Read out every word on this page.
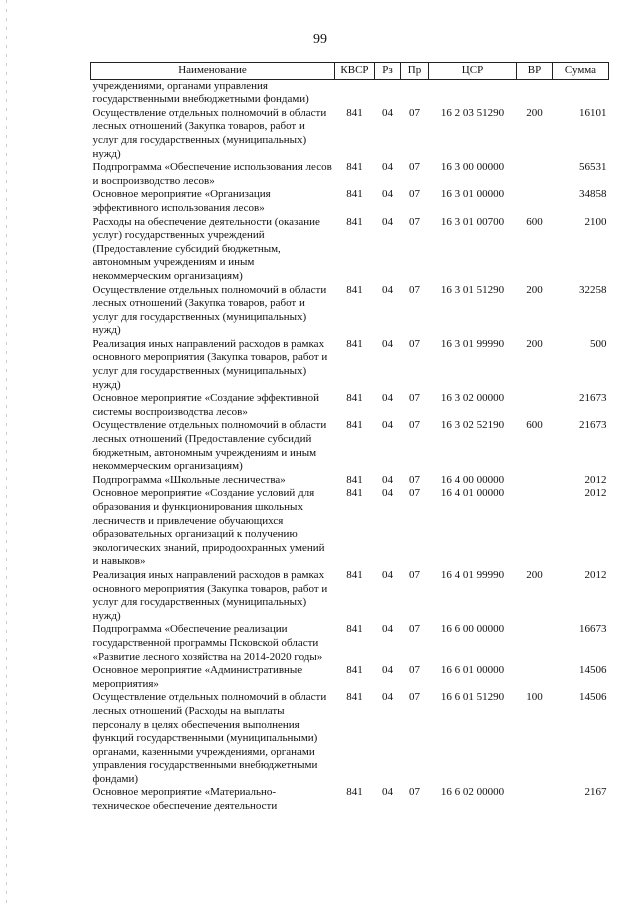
99
Наименование	КВСР	Рз	Пр	ЦСР	ВР	Сумма
учреждениями, органами управления государственными внебюджетными фондами)						
Осуществление отдельных полномочий в области лесных отношений (Закупка товаров, работ и услуг для государственных (муниципальных) нужд)	841	04	07	16 2 03 51290	200	16101
Подпрограмма «Обеспечение использования лесов и воспроизводство лесов»	841	04	07	16 3 00 00000		56531
Основное мероприятие «Организация эффективного использования лесов»	841	04	07	16 3 01 00000		34858
Расходы на обеспечение деятельности (оказание услуг) государственных учреждений (Предоставление субсидий бюджетным, автономным учреждениям и иным некоммерческим организациям)	841	04	07	16 3 01 00700	600	2100
Осуществление отдельных полномочий в области лесных отношений (Закупка товаров, работ и услуг для государственных (муниципальных) нужд)	841	04	07	16 3 01 51290	200	32258
Реализация иных направлений расходов в рамках основного мероприятия (Закупка товаров, работ и услуг для государственных (муниципальных) нужд)	841	04	07	16 3 01 99990	200	500
Основное мероприятие «Создание эффективной системы воспроизводства лесов»	841	04	07	16 3 02 00000		21673
Осуществление отдельных полномочий в области лесных отношений (Предоставление субсидий бюджетным, автономным учреждениям и иным некоммерческим организациям)	841	04	07	16 3 02 52190	600	21673
Подпрограмма «Школьные лесничества»	841	04	07	16 4 00 00000		2012
Основное мероприятие «Создание условий для образования и функционирования школьных лесничеств и привлечение обучающихся образовательных организаций к получению экологических знаний, природоохранных умений и навыков»	841	04	07	16 4 01 00000		2012
Реализация иных направлений расходов в рамках основного мероприятия (Закупка товаров, работ и услуг для государственных (муниципальных) нужд)	841	04	07	16 4 01 99990	200	2012
Подпрограмма «Обеспечение реализации государственной программы Псковской области «Развитие лесного хозяйства на 2014-2020 годы»	841	04	07	16 6 00 00000		16673
Основное мероприятие «Административные мероприятия»	841	04	07	16 6 01 00000		14506
Осуществление отдельных полномочий в области лесных отношений (Расходы на выплаты персоналу в целях обеспечения выполнения функций государственными (муниципальными) органами, казенными учреждениями, органами управления государственными внебюджетными фондами)	841	04	07	16 6 01 51290	100	14506
Основное мероприятие «Материально-техническое обеспечение деятельности	841	04	07	16 6 02 00000		2167
